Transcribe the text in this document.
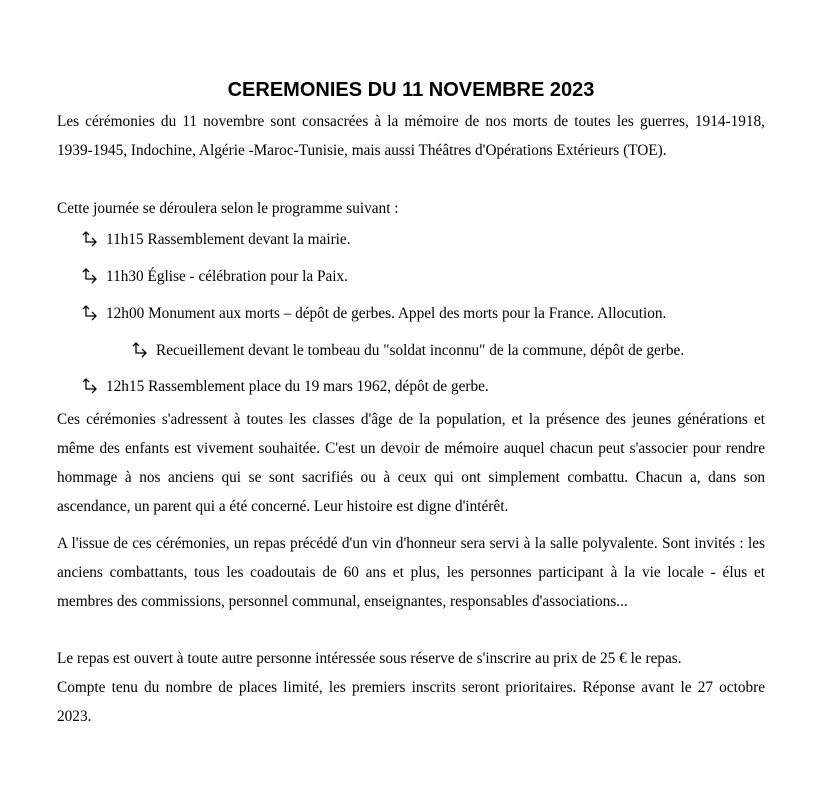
CEREMONIES DU 11 NOVEMBRE 2023

Les cérémonies du 11 novembre sont consacrées à la mémoire de nos morts de toutes les guerres, 1914-1918, 1939-1945, Indochine, Algérie -Maroc-Tunisie, mais aussi Théâtres d'Opérations Extérieurs (TOE).

Cette journée se déroulera selon le programme suivant :

11h15 Rassemblement devant la mairie.
11h30 Église - célébration pour la Paix.
12h00 Monument aux morts – dépôt de gerbes. Appel des morts pour la France. Allocution.
Recueillement devant le tombeau du "soldat inconnu" de la commune, dépôt de gerbe.
12h15 Rassemblement place du 19 mars 1962, dépôt de gerbe.

Ces cérémonies s'adressent à toutes les classes d'âge de la population, et la présence des jeunes générations et même des enfants est vivement souhaitée. C'est un devoir de mémoire auquel chacun peut s'associer pour rendre hommage à nos anciens qui se sont sacrifiés ou à ceux qui ont simplement combattu. Chacun a, dans son ascendance, un parent qui a été concerné. Leur histoire est digne d'intérêt.

A l'issue de ces cérémonies, un repas précédé d'un vin d'honneur sera servi à la salle polyvalente. Sont invités : les anciens combattants, tous les coadoutais de 60 ans et plus, les personnes participant à la vie locale - élus et membres des commissions, personnel communal, enseignantes, responsables d'associations...

Le repas est ouvert à toute autre personne intéressée sous réserve de s'inscrire au prix de 25 € le repas.

Compte tenu du nombre de places limité, les premiers inscrits seront prioritaires. Réponse avant le 27 octobre 2023.
